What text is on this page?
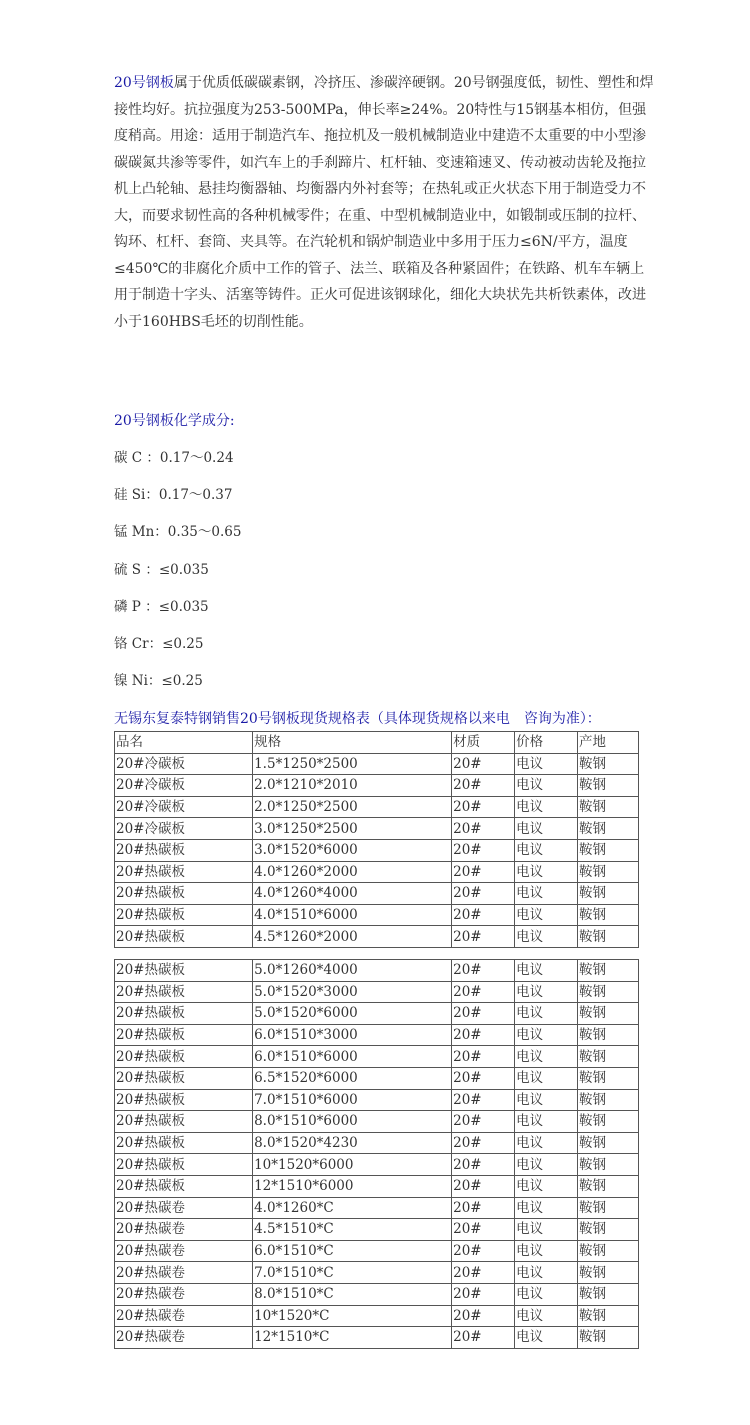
20号钢板属于优质低碳碳素钢，冷挤压、渗碳淬硬钢。20号钢强度低，韧性、塑性和焊接性均好。抗拉强度为253-500MPa，伸长率≥24%。20特性与15钢基本相仿，但强度稍高。用途：适用于制造汽车、拖拉机及一般机械制造业中建造不太重要的中小型渗碳碳氮共渗等零件，如汽车上的手刹蹄片、杠杆轴、变速箱速叉、传动被动齿轮及拖拉机上凸轮轴、悬挂均衡器轴、均衡器内外衬套等；在热轧或正火状态下用于制造受力不大，而要求韧性高的各种机械零件；在重、中型机械制造业中，如锻制或压制的拉杆、钩环、杠杆、套筒、夹具等。在汽轮机和锅炉制造业中多用于压力≤6N/平方，温度≤450℃的非腐化介质中工作的管子、法兰、联箱及各种紧固件；在铁路、机车车辆上用于制造十字头、活塞等铸件。正火可促进该钢球化，细化大块状先共析铁素体，改进小于160HBS毛坯的切削性能。

20号钢板化学成分:

碳 C ：0.17～0.24
硅 Si：0.17～0.37
锰 Mn：0.35～0.65
硫 S ：≤0.035
磷 P ：≤0.035
铬 Cr：≤0.25
镍 Ni：≤0.25

无锡东复泰特钢销售20号钢板现货规格表（具体现货规格以来电　咨询为准）：

品名	规格	材质	价格	产地
20#冷碳板	1.5*1250*2500	20#	电议	鞍钢
20#冷碳板	2.0*1210*2010	20#	电议	鞍钢
20#冷碳板	2.0*1250*2500	20#	电议	鞍钢
20#冷碳板	3.0*1250*2500	20#	电议	鞍钢
20#热碳板	3.0*1520*6000	20#	电议	鞍钢
20#热碳板	4.0*1260*2000	20#	电议	鞍钢
20#热碳板	4.0*1260*4000	20#	电议	鞍钢
20#热碳板	4.0*1510*6000	20#	电议	鞍钢
20#热碳板	4.5*1260*2000	20#	电议	鞍钢
20#热碳板	5.0*1260*4000	20#	电议	鞍钢
20#热碳板	5.0*1520*3000	20#	电议	鞍钢
20#热碳板	5.0*1520*6000	20#	电议	鞍钢
20#热碳板	6.0*1510*3000	20#	电议	鞍钢
20#热碳板	6.0*1510*6000	20#	电议	鞍钢
20#热碳板	6.5*1520*6000	20#	电议	鞍钢
20#热碳板	7.0*1510*6000	20#	电议	鞍钢
20#热碳板	8.0*1510*6000	20#	电议	鞍钢
20#热碳板	8.0*1520*4230	20#	电议	鞍钢
20#热碳板	10*1520*6000	20#	电议	鞍钢
20#热碳板	12*1510*6000	20#	电议	鞍钢
20#热碳卷	4.0*1260*C	20#	电议	鞍钢
20#热碳卷	4.5*1510*C	20#	电议	鞍钢
20#热碳卷	6.0*1510*C	20#	电议	鞍钢
20#热碳卷	7.0*1510*C	20#	电议	鞍钢
20#热碳卷	8.0*1510*C	20#	电议	鞍钢
20#热碳卷	10*1520*C	20#	电议	鞍钢
20#热碳卷	12*1510*C	20#	电议	鞍钢
